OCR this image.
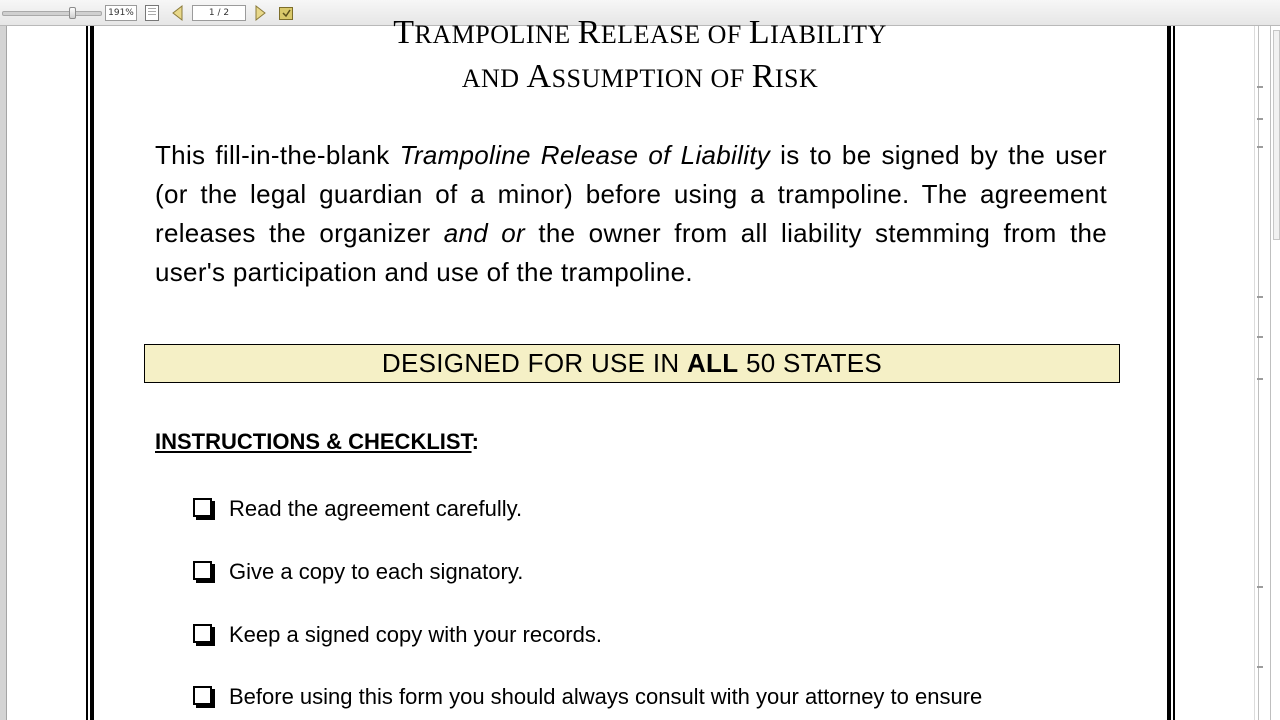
191%	1 / 2
TRAMPOLINE RELEASE OF LIABILITY
AND ASSUMPTION OF RISK
This fill-in-the-blank Trampoline Release of Liability is to be signed by the user (or the legal guardian of a minor) before using a trampoline. The agreement releases the organizer and or the owner from all liability stemming from the user's participation and use of the trampoline.
DESIGNED FOR USE IN ALL 50 STATES
INSTRUCTIONS & CHECKLIST:
Read the agreement carefully.
Give a copy to each signatory.
Keep a signed copy with your records.
Before using this form you should always consult with your attorney to ensure
